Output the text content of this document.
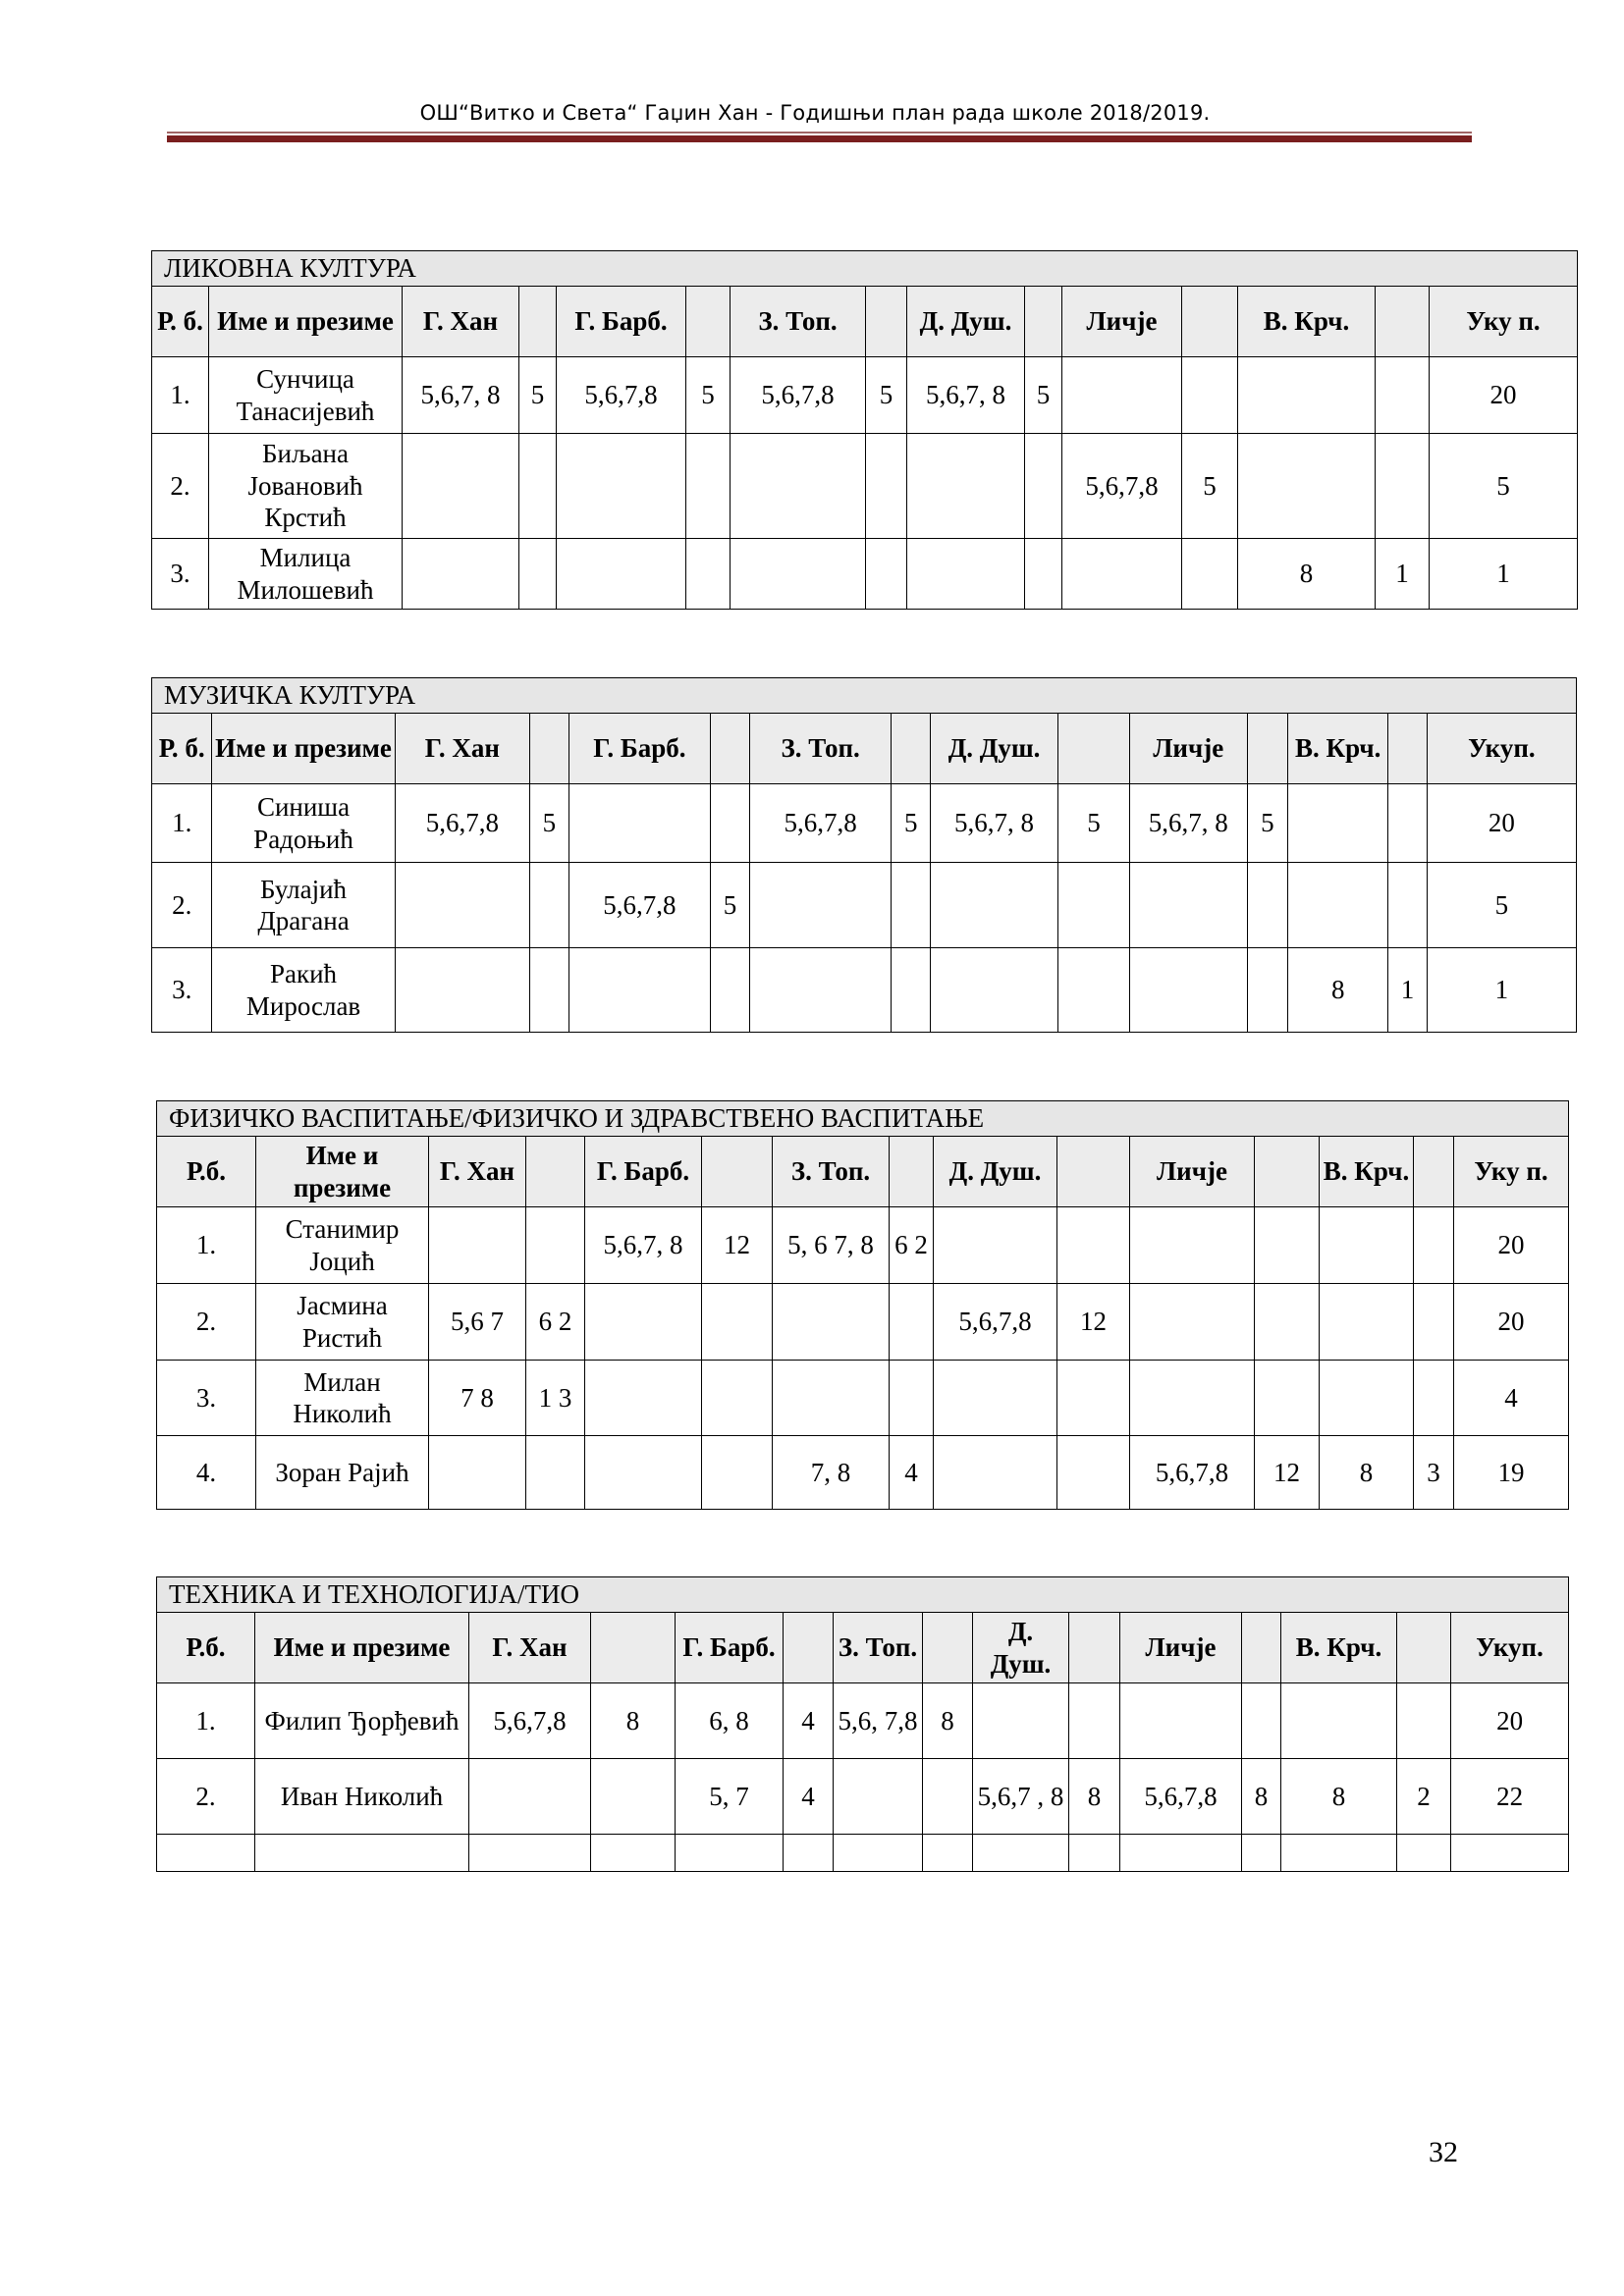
ОШ“Витко и Света“ Гаџин Хан - Годишњи план рада школе 2018/2019.
ЛИКОВНА КУЛТУРА														
Р. б.	Име и презиме	Г. Хан		Г. Барб.		З. Топ.		Д. Душ.		Личје		В. Крч.		Уку п.
1.	Сунчица Танасијевић	5,6,7, 8	5	5,6,7,8	5	5,6,7,8	5	5,6,7, 8	5					20
2.	Биљана Јовановић Крстић									5,6,7,8	5			5
3.	Милица Милошевић											8	1	1
МУЗИЧКА КУЛТУРА														
Р. б.	Име и презиме	Г. Хан		Г. Барб.		З. Топ.		Д. Душ.		Личје		В. Крч.		Укуп.
1.	Синиша Радоњић	5,6,7,8	5			5,6,7,8	5	5,6,7, 8	5	5,6,7, 8	5			20
2.	Булајић Драгана			5,6,7,8	5									5
3.	Ракић Мирослав											8	1	1
ФИЗИЧКО ВАСПИТАЊЕ/ФИЗИЧКО И ЗДРАВСТВЕНО ВАСПИТАЊЕ														
Р.б.	Име и презиме	Г. Хан		Г. Барб.		З. Топ.		Д. Душ.		Личје		В. Крч.		Уку п.
1.	Станимир Јоцић			5,6,7, 8	12	5, 6 7, 8	6 2							20
2.	Јасмина Ристић	5,6 7	6 2					5,6,7,8	12					20
3.	Милан Николић	7 8	1 3											4
4.	Зоран Рајић					7, 8	4			5,6,7,8	12	8	3	19
ТЕХНИКА И ТЕХНОЛОГИЈА/ТИО														
Р.б.	Име и презиме	Г. Хан		Г. Барб.		З. Топ.		Д. Душ.		Личје		В. Крч.		Укуп.
1.	Филип Ђорђевић	5,6,7,8	8	6, 8	4	5,6, 7,8	8							20
2.	Иван Николић			5, 7	4			5,6,7 , 8	8	5,6,7,8	8	8	2	22

32
